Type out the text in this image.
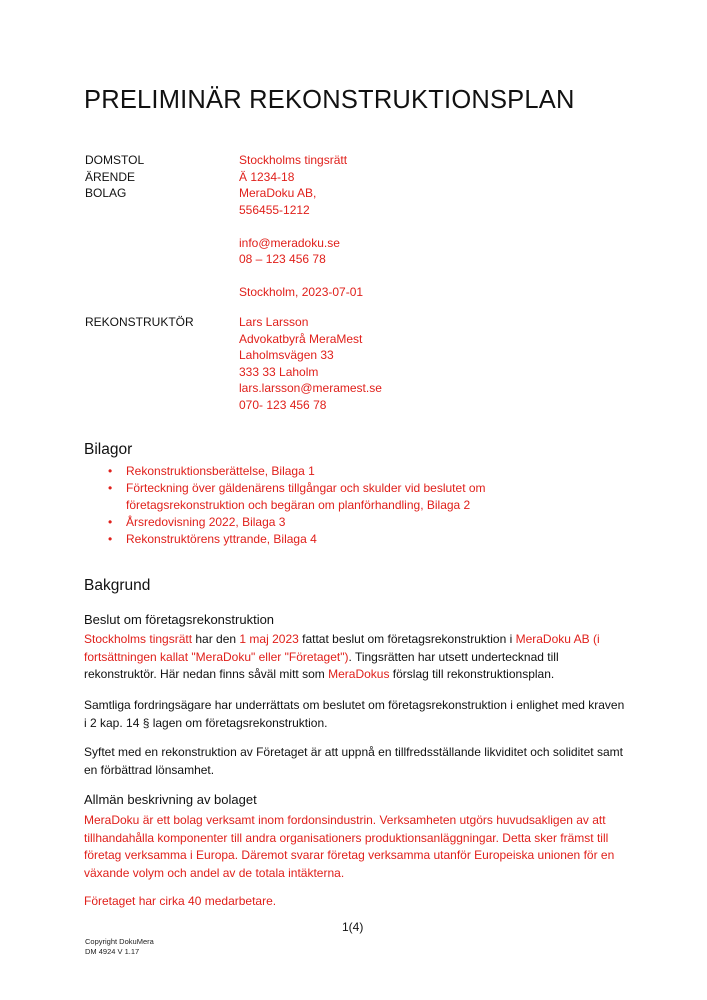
PRELIMINÄR REKONSTRUKTIONSPLAN
DOMSTOL
ÄRENDE
BOLAG
Stockholms tingsrätt
Ä 1234-18
MeraDoku AB,
556455-1212
info@meradoku.se
08 – 123 456 78
Stockholm, 2023-07-01
REKONSTRUKTÖR	Lars Larsson
Advokatbyrå MeraMest
Laholmsvägen 33
333 33 Laholm
lars.larsson@meramest.se
070- 123 456 78
Bilagor
• Rekonstruktionsberättelse, Bilaga 1
• Förteckning över gäldenärens tillgångar och skulder vid beslutet om företagsrekonstruktion och begäran om planförhandling, Bilaga 2
• Årsredovisning 2022, Bilaga 3
• Rekonstruktörens yttrande, Bilaga 4
Bakgrund
Beslut om företagsrekonstruktion

Stockholms tingsrätt har den 1 maj 2023 fattat beslut om företagsrekonstruktion i MeraDoku AB (i fortsättningen kallat "MeraDoku" eller "Företaget"). Tingsrätten har utsett undertecknad till rekonstruktör. Här nedan finns såväl mitt som MeraDokus förslag till rekonstruktionsplan.

Samtliga fordringsägare har underrättats om beslutet om företagsrekonstruktion i enlighet med kraven i 2 kap. 14 § lagen om företagsrekonstruktion.

Syftet med en rekonstruktion av Företaget är att uppnå en tillfredsställande likviditet och soliditet samt en förbättrad lönsamhet.

Allmän beskrivning av bolaget

MeraDoku är ett bolag verksamt inom fordonsindustrin. Verksamheten utgörs huvudsakligen av att tillhandahålla komponenter till andra organisationers produktionsanläggningar. Detta sker främst till företag verksamma i Europa. Däremot svarar företag verksamma utanför Europeiska unionen för en växande volym och andel av de totala intäkterna.

Företaget har cirka 40 medarbetare.

1(4)
Copyright DokuMera
DM 4924 V 1.17
